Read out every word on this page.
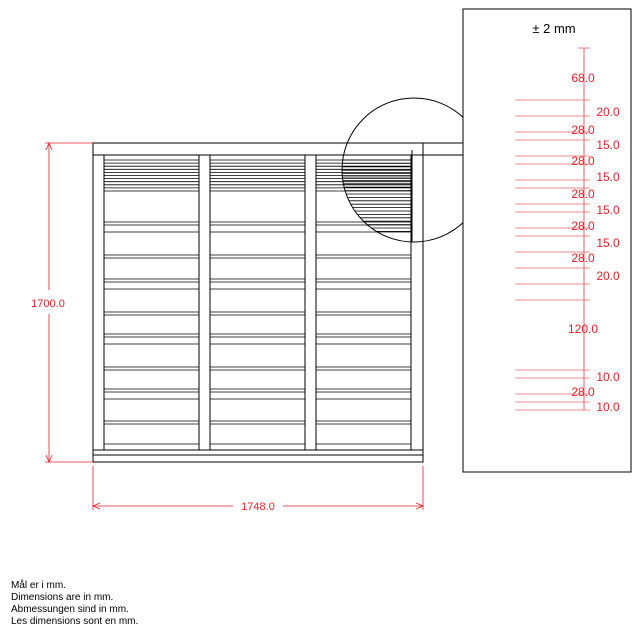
1700.0
1748.0
± 2 mm
68.0
20.0
28.0
15.0
28.0
15.0
28.0
15.0
28.0
15.0
28.0
20.0
120.0
10.0
28.0
10.0
Mål er i mm.
Dimensions are in mm.
Abmessungen sind in mm.
Les dimensions sont en mm.
